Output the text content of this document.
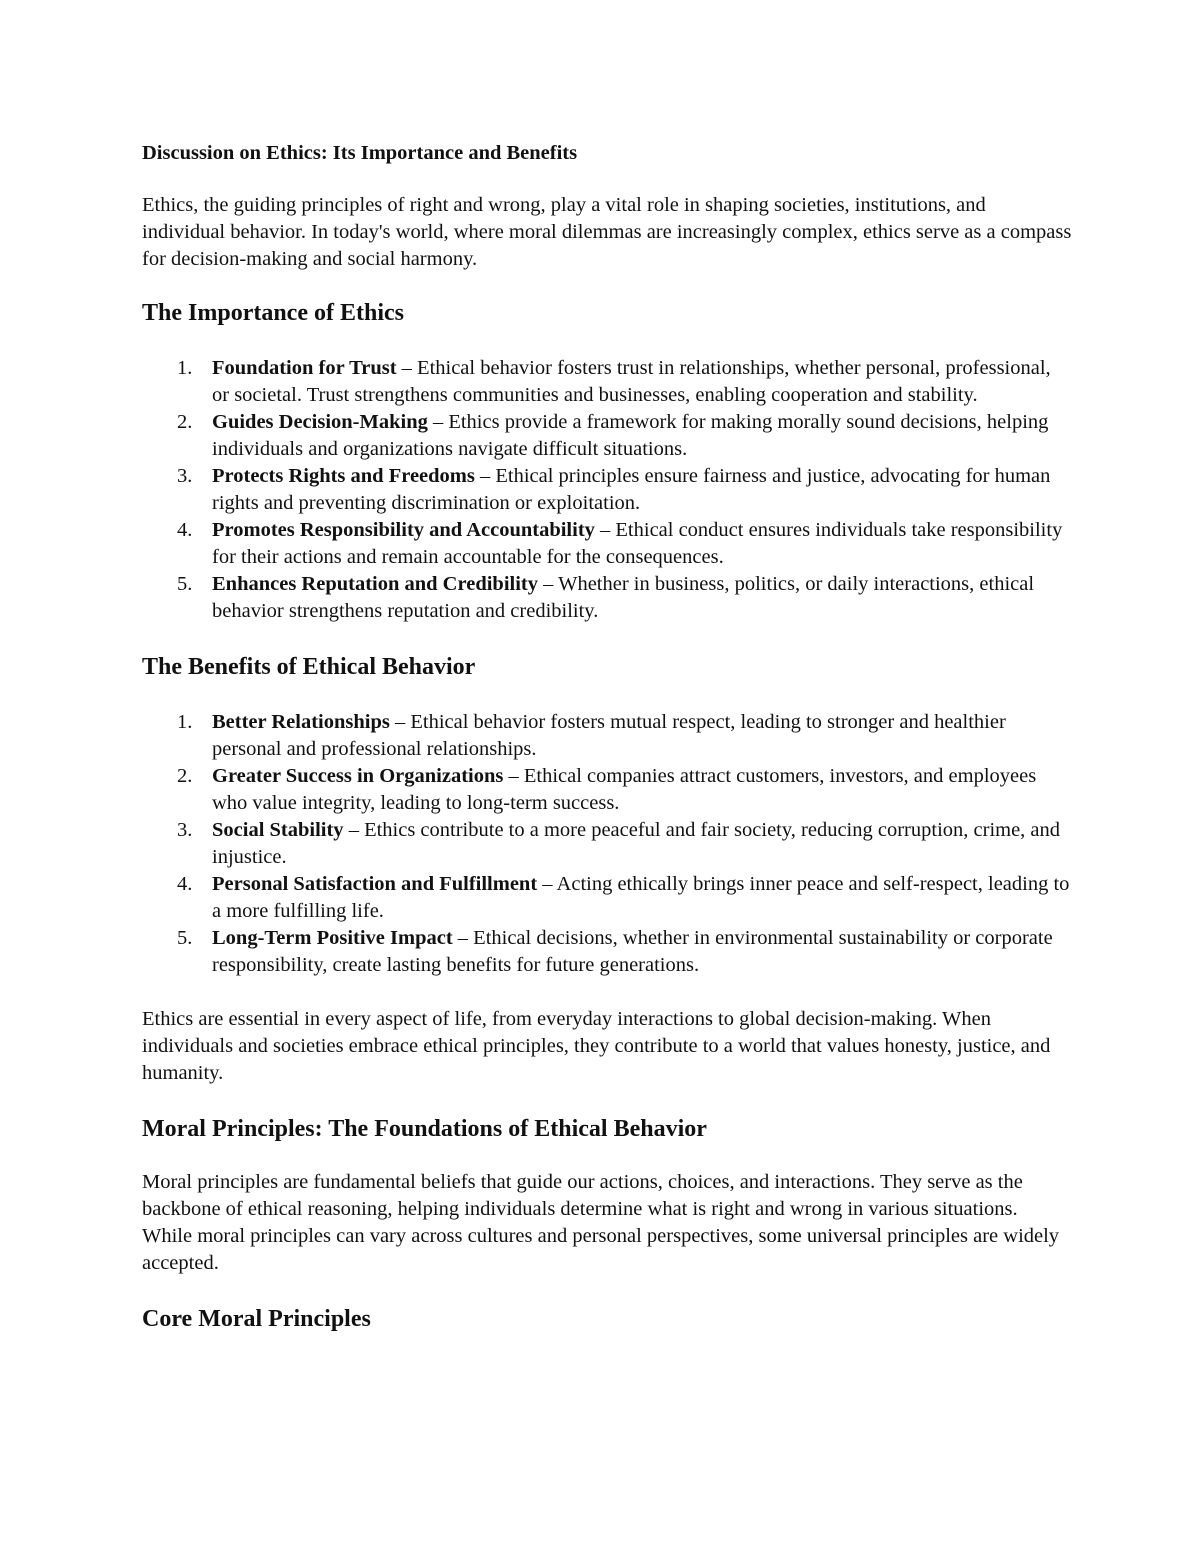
Discussion on Ethics: Its Importance and Benefits

Ethics, the guiding principles of right and wrong, play a vital role in shaping societies, institutions, and individual behavior. In today's world, where moral dilemmas are increasingly complex, ethics serve as a compass for decision-making and social harmony.

The Importance of Ethics
1. Foundation for Trust – Ethical behavior fosters trust in relationships, whether personal, professional, or societal. Trust strengthens communities and businesses, enabling cooperation and stability.
2. Guides Decision-Making – Ethics provide a framework for making morally sound decisions, helping individuals and organizations navigate difficult situations.
3. Protects Rights and Freedoms – Ethical principles ensure fairness and justice, advocating for human rights and preventing discrimination or exploitation.
4. Promotes Responsibility and Accountability – Ethical conduct ensures individuals take responsibility for their actions and remain accountable for the consequences.
5. Enhances Reputation and Credibility – Whether in business, politics, or daily interactions, ethical behavior strengthens reputation and credibility.
The Benefits of Ethical Behavior
1. Better Relationships – Ethical behavior fosters mutual respect, leading to stronger and healthier personal and professional relationships.
2. Greater Success in Organizations – Ethical companies attract customers, investors, and employees who value integrity, leading to long-term success.
3. Social Stability – Ethics contribute to a more peaceful and fair society, reducing corruption, crime, and injustice.
4. Personal Satisfaction and Fulfillment – Acting ethically brings inner peace and self-respect, leading to a more fulfilling life.
5. Long-Term Positive Impact – Ethical decisions, whether in environmental sustainability or corporate responsibility, create lasting benefits for future generations.

Ethics are essential in every aspect of life, from everyday interactions to global decision-making. When individuals and societies embrace ethical principles, they contribute to a world that values honesty, justice, and humanity.

Moral Principles: The Foundations of Ethical Behavior

Moral principles are fundamental beliefs that guide our actions, choices, and interactions. They serve as the backbone of ethical reasoning, helping individuals determine what is right and wrong in various situations. While moral principles can vary across cultures and personal perspectives, some universal principles are widely accepted.

Core Moral Principles
